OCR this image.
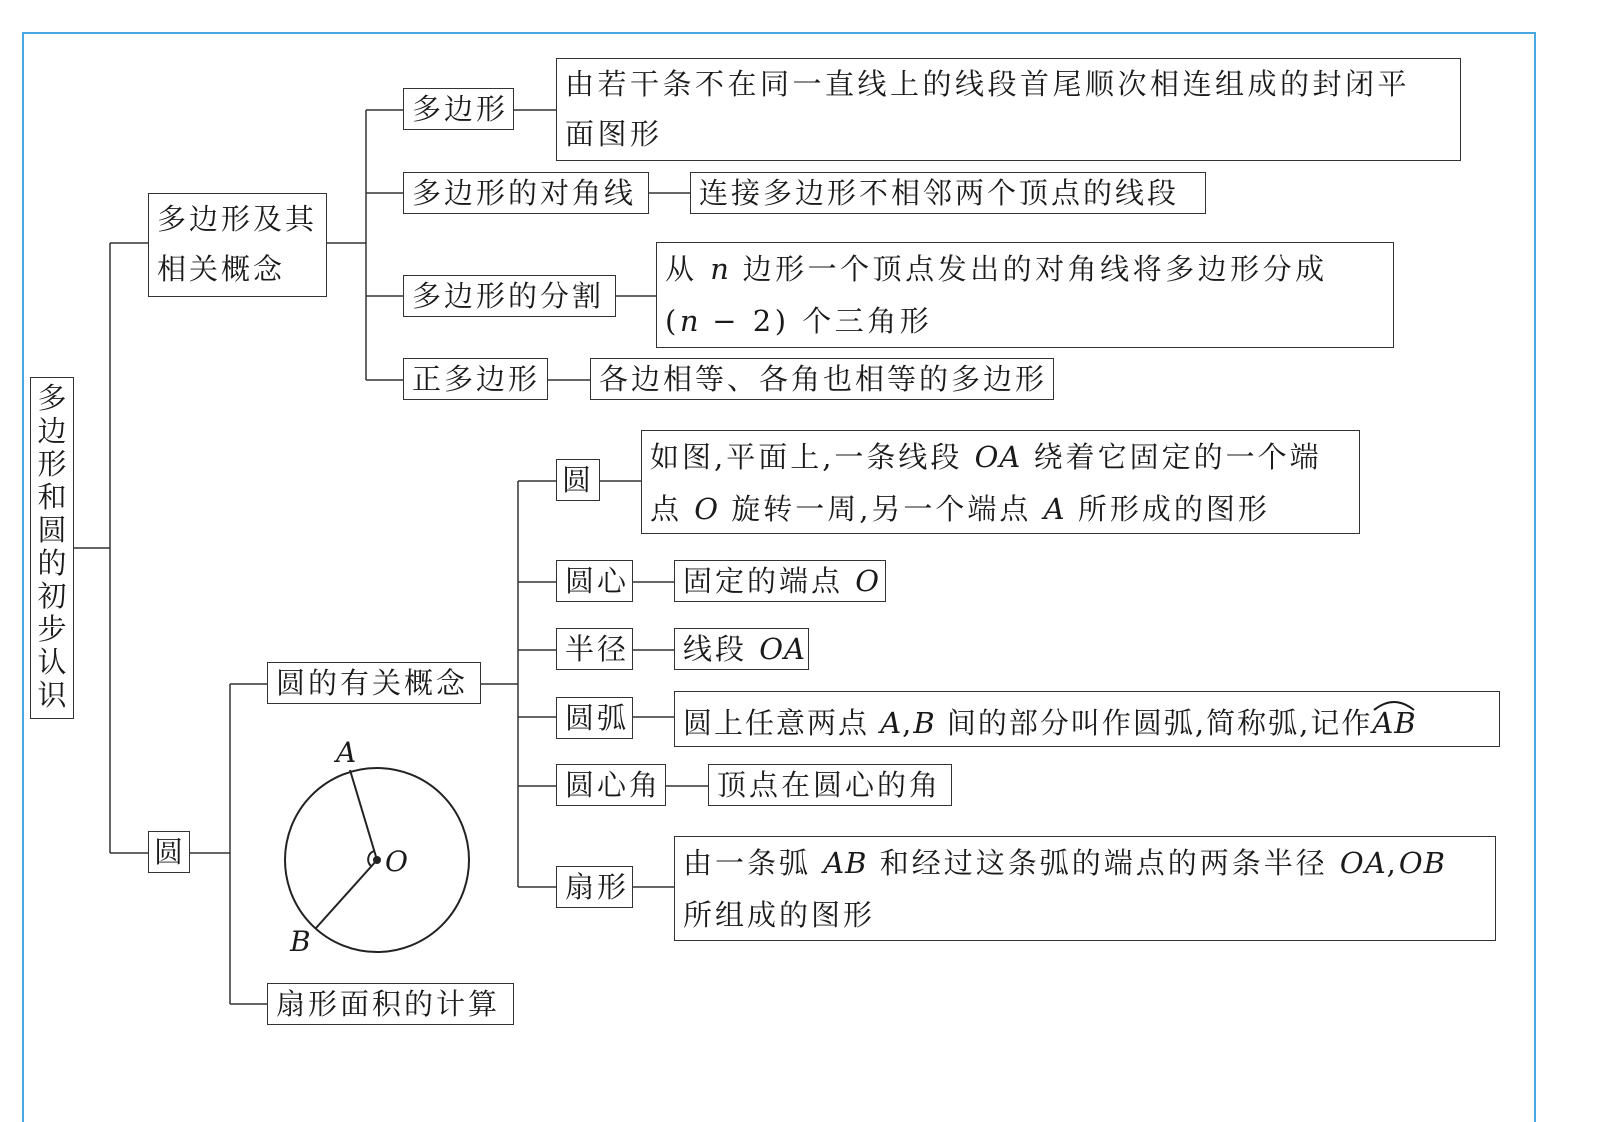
A
B
O
多边形和圆的初步认识
多边形及其
相关概念
多边形
由若干条不在同一直线上的线段首尾顺次相连组成的封闭平
面图形
多边形的对角线	连接多边形不相邻两个顶点的线段
多边形的分割
从 n 边形一个顶点发出的对角线将多边形分成
(n − 2) 个三角形
正多边形	各边相等、各角也相等的多边形
圆
圆的有关概念
扇形面积的计算
圆
如图,平面上,一条线段 OA 绕着它固定的一个端
点 O 旋转一周,另一个端点 A 所形成的图形
圆心	固定的端点 O
半径	线段 OA
圆弧	圆上任意两点 A,B 间的部分叫作圆弧,简称弧,记作AB
圆心角	顶点在圆心的角
扇形
由一条弧 AB 和经过这条弧的端点的两条半径 OA,OB
所组成的图形
